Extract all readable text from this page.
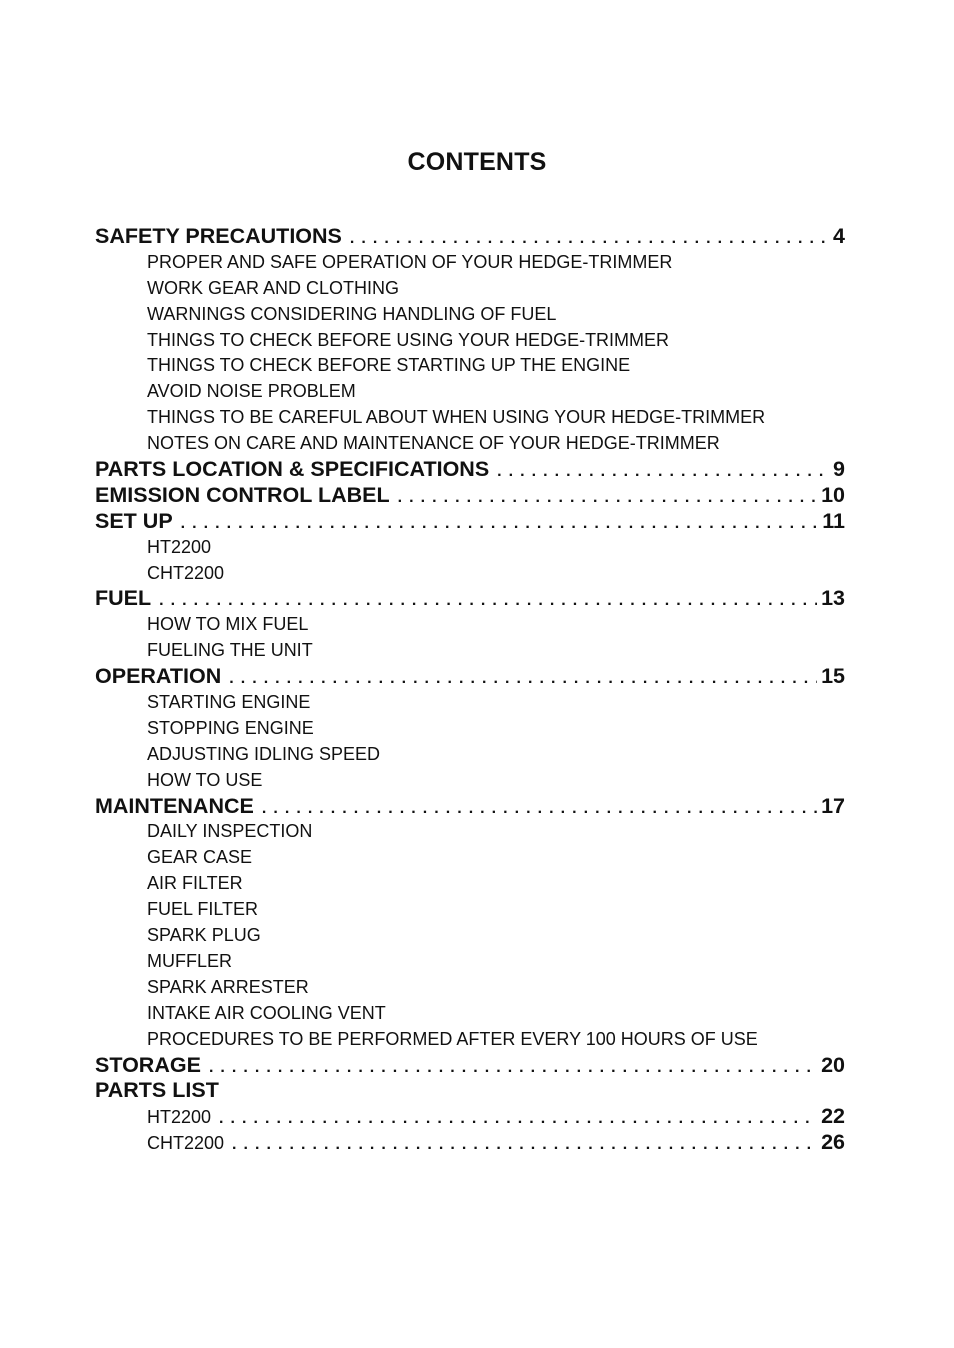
CONTENTS
SAFETY PRECAUTIONS . . .	4
PROPER AND SAFE OPERATION OF YOUR HEDGE-TRIMMER
WORK GEAR AND CLOTHING
WARNINGS CONSIDERING HANDLING OF FUEL
THINGS TO CHECK BEFORE USING YOUR HEDGE-TRIMMER
THINGS TO CHECK BEFORE STARTING UP THE ENGINE
AVOID NOISE PROBLEM
THINGS TO BE CAREFUL ABOUT WHEN USING YOUR HEDGE-TRIMMER
NOTES ON CARE AND MAINTENANCE OF YOUR HEDGE-TRIMMER
PARTS LOCATION & SPECIFICATIONS . . .	9
EMISSION CONTROL LABEL . . .	10
SET UP . . .	11
HT2200
CHT2200
FUEL . . .	13
HOW TO MIX FUEL
FUELING THE UNIT
OPERATION . . .	15
STARTING ENGINE
STOPPING ENGINE
ADJUSTING IDLING SPEED
HOW TO USE
MAINTENANCE . . .	17
DAILY INSPECTION
GEAR CASE
AIR FILTER
FUEL FILTER
SPARK PLUG
MUFFLER
SPARK ARRESTER
INTAKE AIR COOLING VENT
PROCEDURES TO BE PERFORMED AFTER EVERY 100 HOURS OF USE
STORAGE . . .	20
PARTS LIST
HT2200 . . .	22
CHT2200 . . .	26
